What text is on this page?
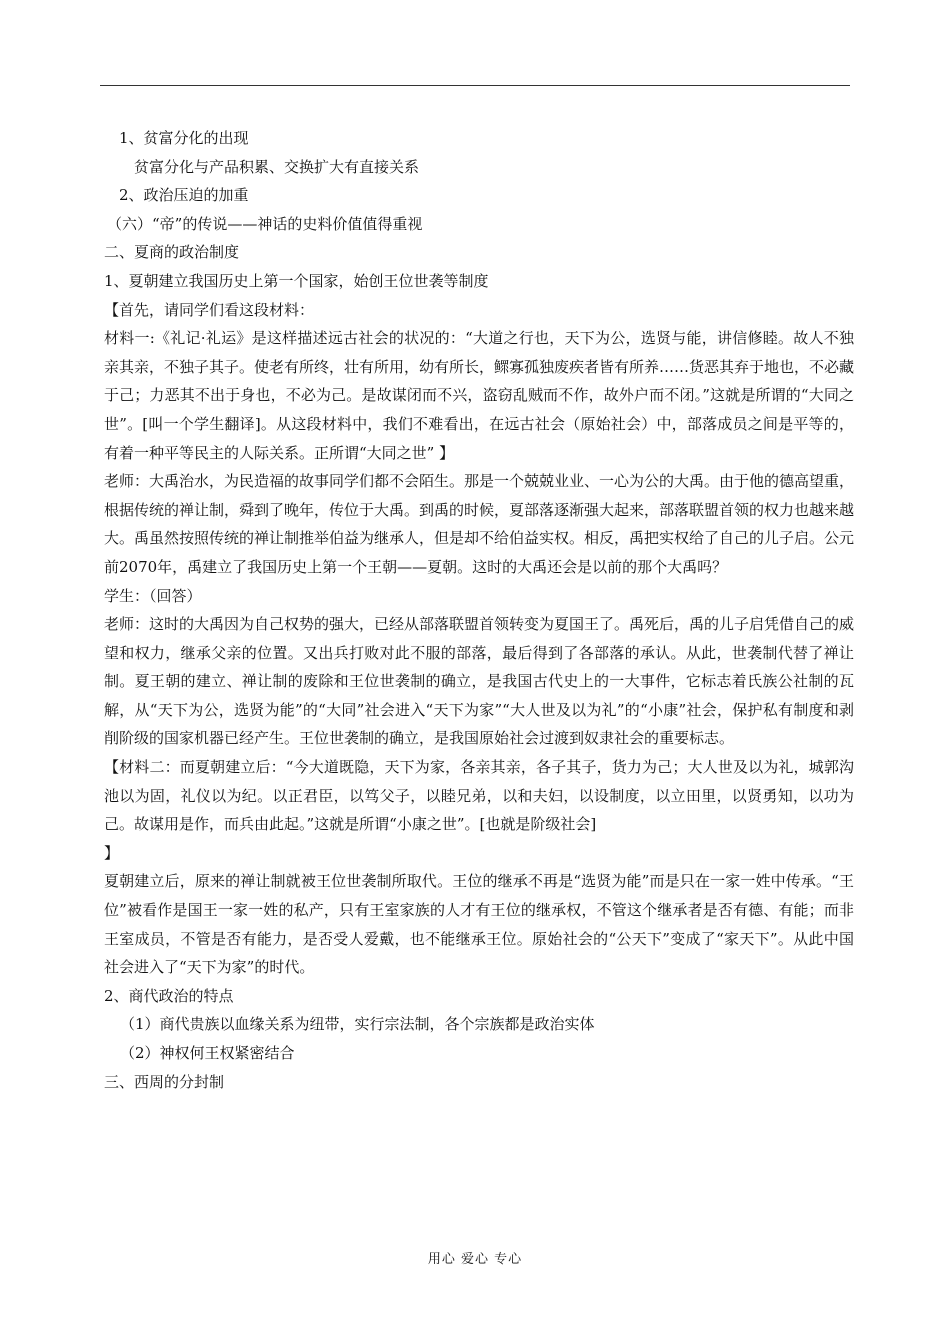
1、贫富分化的出现

贫富分化与产品积累、交换扩大有直接关系

2、政治压迫的加重

（六）“帝”的传说——神话的史料价值值得重视

二、夏商的政治制度

1、夏朝建立我国历史上第一个国家，始创王位世袭等制度

【首先，请同学们看这段材料：

材料一:《礼记·礼运》是这样描述远古社会的状况的：“大道之行也，天下为公，选贤与能，讲信修睦。故人不独亲其亲，不独子其子。使老有所终，壮有所用，幼有所长，鳏寡孤独废疾者皆有所养……货恶其弃于地也，不必藏于己；力恶其不出于身也，不必为己。是故谋闭而不兴，盗窃乱贼而不作，故外户而不闭。”这就是所谓的“大同之世”。[叫一个学生翻译]。从这段材料中，我们不难看出，在远古社会（原始社会）中，部落成员之间是平等的，有着一种平等民主的人际关系。正所谓“大同之世” 】

老师：大禹治水，为民造福的故事同学们都不会陌生。那是一个兢兢业业、一心为公的大禹。由于他的德高望重，根据传统的禅让制，舜到了晚年，传位于大禹。到禹的时候，夏部落逐渐强大起来，部落联盟首领的权力也越来越大。禹虽然按照传统的禅让制推举伯益为继承人，但是却不给伯益实权。相反，禹把实权给了自己的儿子启。公元前2070年，禹建立了我国历史上第一个王朝——夏朝。这时的大禹还会是以前的那个大禹吗？

学生：（回答）

老师：这时的大禹因为自己权势的强大，已经从部落联盟首领转变为夏国王了。禹死后，禹的儿子启凭借自己的威望和权力，继承父亲的位置。又出兵打败对此不服的部落，最后得到了各部落的承认。从此，世袭制代替了禅让制。夏王朝的建立、禅让制的废除和王位世袭制的确立，是我国古代史上的一大事件，它标志着氏族公社制的瓦解，从“天下为公，选贤为能”的“大同”社会进入“天下为家”“大人世及以为礼”的“小康”社会，保护私有制度和剥削阶级的国家机器已经产生。王位世袭制的确立，是我国原始社会过渡到奴隶社会的重要标志。

【材料二：而夏朝建立后：“今大道既隐，天下为家，各亲其亲，各子其子，货力为己；大人世及以为礼，城郭沟池以为固，礼仪以为纪。以正君臣，以笃父子，以睦兄弟，以和夫妇，以设制度，以立田里，以贤勇知，以功为己。故谋用是作，而兵由此起。”这就是所谓“小康之世”。[也就是阶级社会]

】

夏朝建立后，原来的禅让制就被王位世袭制所取代。王位的继承不再是“选贤为能”而是只在一家一姓中传承。“王位”被看作是国王一家一姓的私产，只有王室家族的人才有王位的继承权，不管这个继承者是否有德、有能；而非王室成员，不管是否有能力，是否受人爱戴，也不能继承王位。原始社会的“公天下”变成了“家天下”。从此中国社会进入了“天下为家”的时代。

2、商代政治的特点

（1）商代贵族以血缘关系为纽带，实行宗法制，各个宗族都是政治实体

（2）神权何王权紧密结合

三、西周的分封制

用心 爱心 专心
